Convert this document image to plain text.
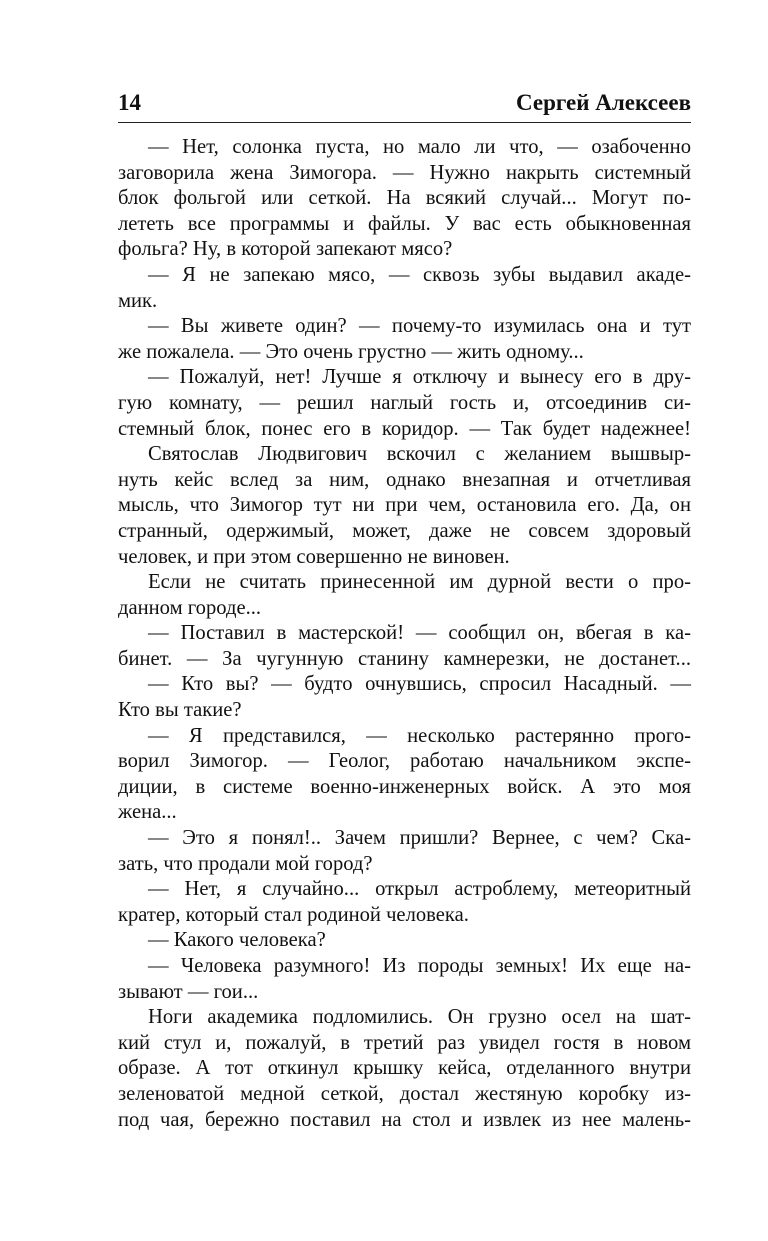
14	Сергей Алексеев
— Нет, солонка пуста, но мало ли что, — озабоченно
заговорила жена Зимогора. — Нужно накрыть системный
блок фольгой или сеткой. На всякий случай... Могут по-
лететь все программы и файлы. У вас есть обыкновенная
фольга? Ну, в которой запекают мясо?
— Я не запекаю мясо, — сквозь зубы выдавил акаде-
мик.
— Вы живете один? — почему-то изумилась она и тут
же пожалела. — Это очень грустно — жить одному...
— Пожалуй, нет! Лучше я отключу и вынесу его в дру-
гую комнату, — решил наглый гость и, отсоединив си-
стемный блок, понес его в коридор. — Так будет надежнее!
Святослав Людвигович вскочил с желанием вышвыр-
нуть кейс вслед за ним, однако внезапная и отчетливая
мысль, что Зимогор тут ни при чем, остановила его. Да, он
странный, одержимый, может, даже не совсем здоровый
человек, и при этом совершенно не виновен.
Если не считать принесенной им дурной вести о про-
данном городе...
— Поставил в мастерской! — сообщил он, вбегая в ка-
бинет. — За чугунную станину камнерезки, не достанет...
— Кто вы? — будто очнувшись, спросил Насадный. —
Кто вы такие?
— Я представился, — несколько растерянно прого-
ворил Зимогор. — Геолог, работаю начальником экспе-
диции, в системе военно-инженерных войск. А это моя
жена...
— Это я понял!.. Зачем пришли? Вернее, с чем? Ска-
зать, что продали мой город?
— Нет, я случайно... открыл астроблему, метеоритный
кратер, который стал родиной человека.
— Какого человека?
— Человека разумного! Из породы земных! Их еще на-
зывают — гои...
Ноги академика подломились. Он грузно осел на шат-
кий стул и, пожалуй, в третий раз увидел гостя в новом
образе. А тот откинул крышку кейса, отделанного внутри
зеленоватой медной сеткой, достал жестяную коробку из-
под чая, бережно поставил на стол и извлек из нее малень-
